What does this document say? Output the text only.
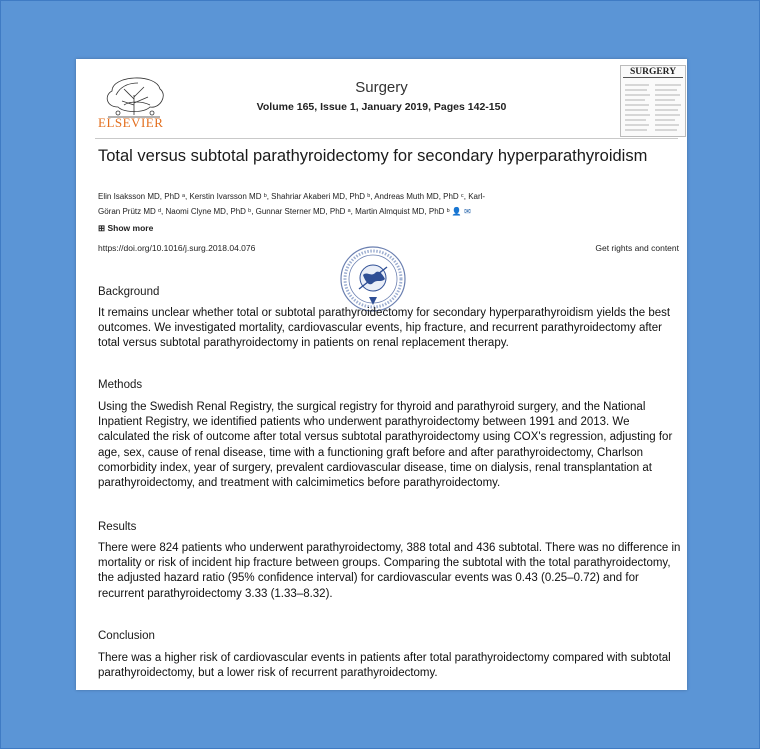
ELSEVIER
Surgery
Volume 165, Issue 1, January 2019, Pages 142-150
SURGERY
Total versus subtotal parathyroidectomy for secondary hyperparathyroidism
Elin Isaksson MD, PhD ᵃ, Kerstin Ivarsson MD ᵇ, Shahriar Akaberi MD, PhD ᵇ, Andreas Muth MD, PhD ᶜ, Karl-
Göran Prütz MD ᵈ, Naomi Clyne MD, PhD ᵇ, Gunnar Sterner MD, PhD ᵃ, Martin Almquist MD, PhD ᵇ 👤 ✉
⊞ Show more
https://doi.org/10.1016/j.surg.2018.04.076	Get rights and content
Background
It remains unclear whether total or subtotal parathyroidectomy for secondary hyperparathyroidism yields the best outcomes. We investigated mortality, cardiovascular events, hip fracture, and recurrent parathyroidectomy after total versus subtotal parathyroidectomy in patients on renal replacement therapy.
Methods
Using the Swedish Renal Registry, the surgical registry for thyroid and parathyroid surgery, and the National Inpatient Registry, we identified patients who underwent parathyroidectomy between 1991 and 2013. We calculated the risk of outcome after total versus subtotal parathyroidectomy using COX's regression, adjusting for age, sex, cause of renal disease, time with a functioning graft before and after parathyroidectomy, Charlson comorbidity index, year of surgery, prevalent cardiovascular disease, time on dialysis, renal transplantation at parathyroidectomy, and treatment with calcimimetics before parathyroidectomy.
Results
There were 824 patients who underwent parathyroidectomy, 388 total and 436 subtotal. There was no difference in mortality or risk of incident hip fracture between groups. Comparing the subtotal with the total parathyroidectomy, the adjusted hazard ratio (95% confidence interval) for cardiovascular events was 0.43 (0.25–0.72) and for recurrent parathyroidectomy 3.33 (1.33–8.32).
Conclusion
There was a higher risk of cardiovascular events in patients after total parathyroidectomy compared with subtotal parathyroidectomy, but a lower risk of recurrent parathyroidectomy.
